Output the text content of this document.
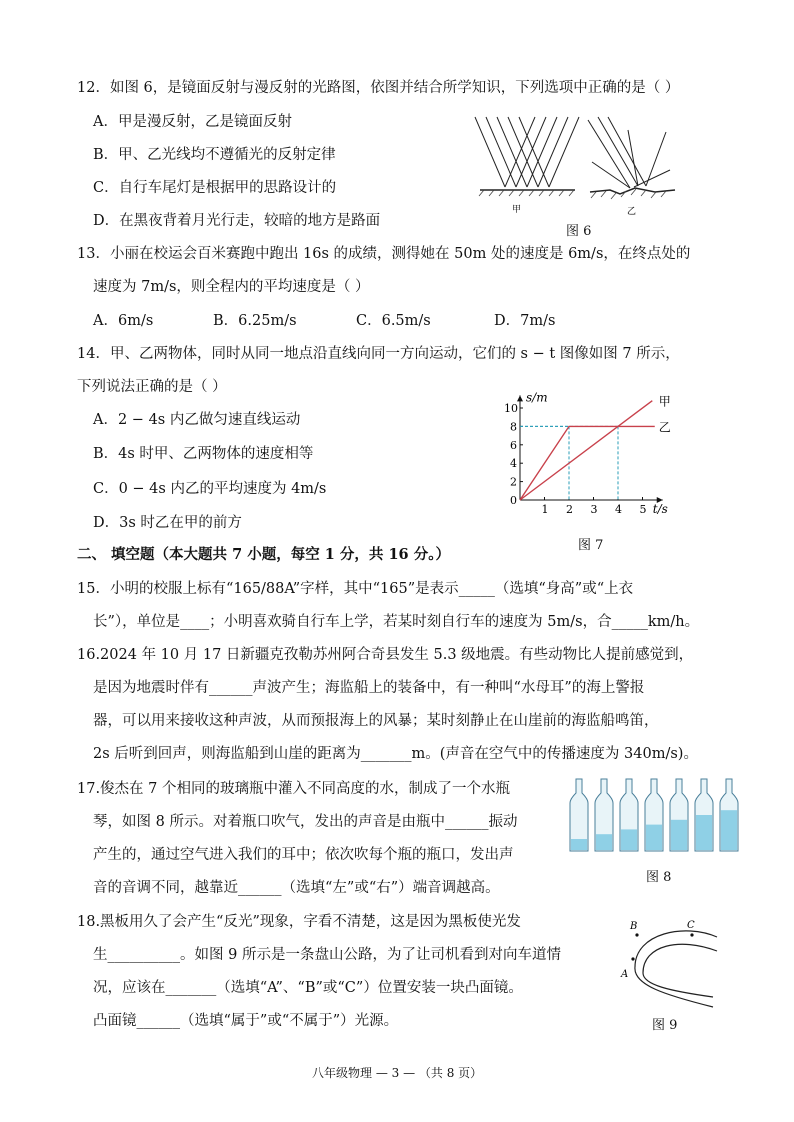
12．如图 6，是镜面反射与漫反射的光路图，依图并结合所学知识，下列选项中正确的是（ ）
A．甲是漫反射，乙是镜面反射
B．甲、乙光线均不遵循光的反射定律
C．自行车尾灯是根据甲的思路设计的
D．在黑夜背着月光行走，较暗的地方是路面
甲	乙
图 6
13．小丽在校运会百米赛跑中跑出 16s 的成绩，测得她在 50m 处的速度是 6m/s，在终点处的
速度为 7m/s，则全程内的平均速度是（ ）
A．6m/s	B．6.25m/s	C．6.5m/s	D．7m/s
14．甲、乙两物体，同时从同一地点沿直线向同一方向运动，它们的 s − t 图像如图 7 所示，
下列说法正确的是（ ）
A．2 − 4s 内乙做匀速直线运动
B．4s 时甲、乙两物体的速度相等
C．0 − 4s 内乙的平均速度为 4m/s
D．3s 时乙在甲的前方
1 2 3 4 5
0
2
4
6
8
10
甲
乙
s/m
t/s
图 7
二、 填空题（本大题共 7 小题，每空 1 分，共 16 分。）
15．小明的校服上标有“165/88A”字样，其中“165”是表示_____（选填“身高”或“上衣
长”），单位是____；小明喜欢骑自行车上学，若某时刻自行车的速度为 5m/s，合_____km/h。
16.2024 年 10 月 17 日新疆克孜勒苏州阿合奇县发生 5.3 级地震。有些动物比人提前感觉到，
是因为地震时伴有______声波产生；海监船上的装备中，有一种叫“水母耳”的海上警报
器，可以用来接收这种声波，从而预报海上的风暴；某时刻静止在山崖前的海监船鸣笛，
2s 后听到回声，则海监船到山崖的距离为_______m。(声音在空气中的传播速度为 340m/s)。
17.俊杰在 7 个相同的玻璃瓶中灌入不同高度的水，制成了一个水瓶
琴，如图 8 所示。对着瓶口吹气，发出的声音是由瓶中______振动
产生的，通过空气进入我们的耳中；依次吹每个瓶的瓶口，发出声
音的音调不同，越靠近______（选填“左”或“右”）端音调越高。
图 8
18.黑板用久了会产生“反光”现象，字看不清楚，这是因为黑板使光发
生__________。如图 9 所示是一条盘山公路，为了让司机看到对向车道情
况，应该在_______（选填“A”、“B”或“C”）位置安装一块凸面镜。
凸面镜______（选填“属于”或“不属于”）光源。
A
B	C
图 9
八年级物理 — 3 — （共 8 页）
